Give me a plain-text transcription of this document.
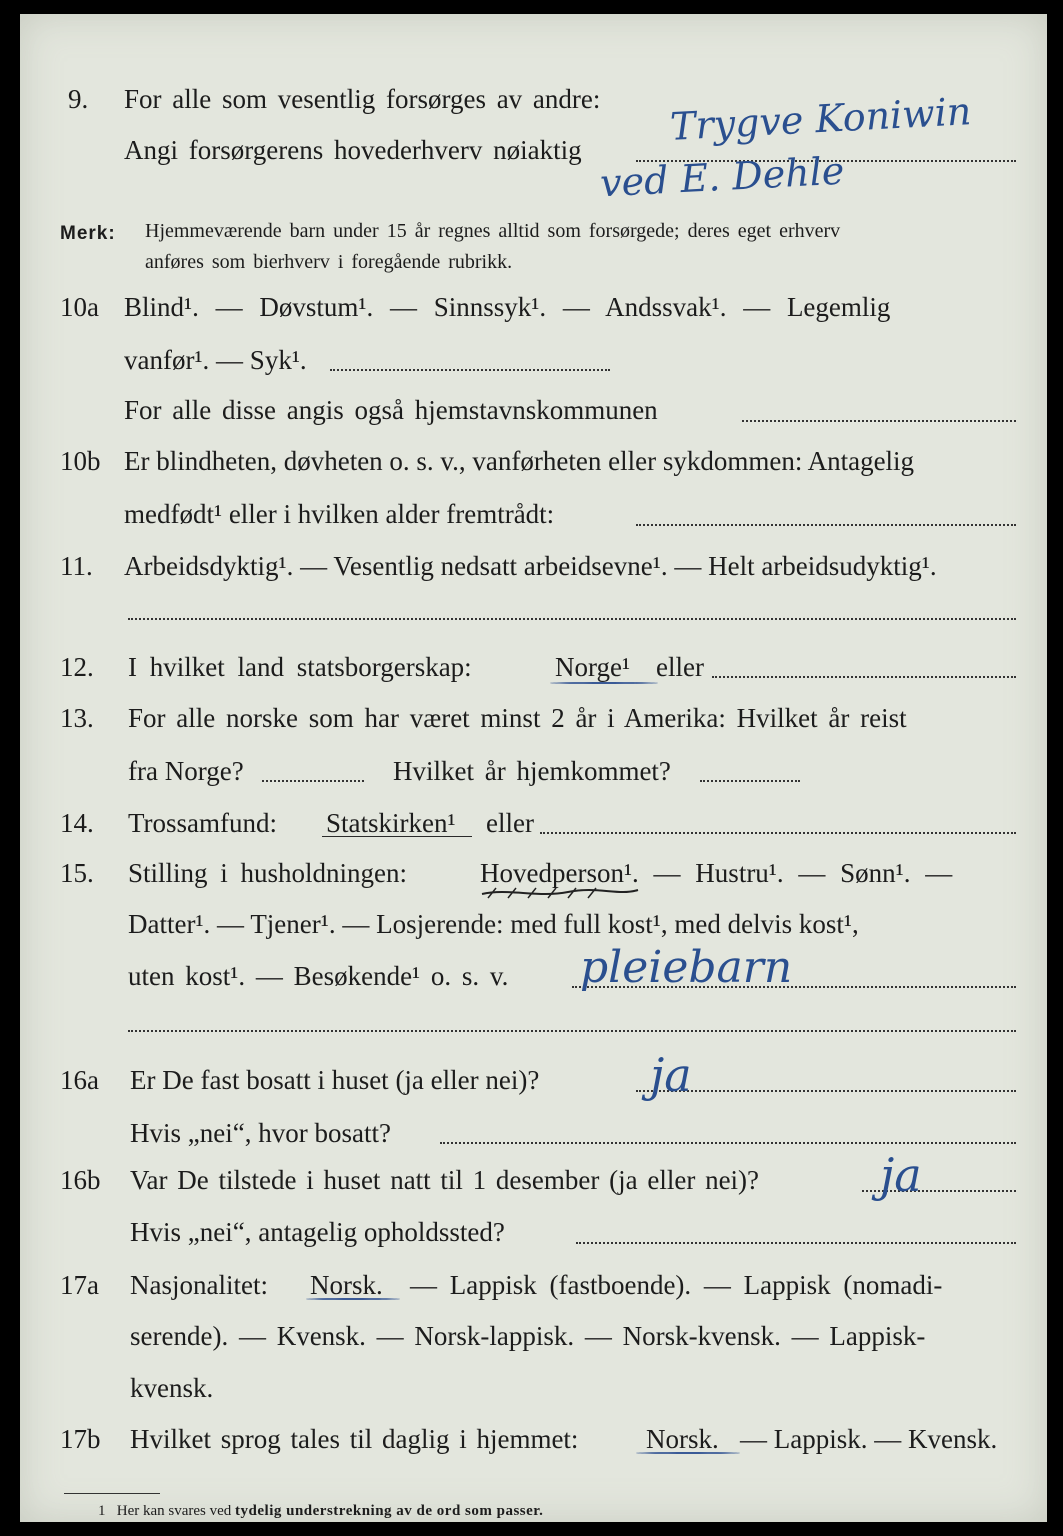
9. For alle som vesentlig forsørges av andre:
Angi forsørgerens hovederhverv nøiaktig
Trygve Koniwin
ved E. Dehle
Merk: Hjemmeværende barn under 15 år regnes alltid som forsørgede; deres eget erhverv
anføres som bierhverv i foregående rubrikk.
10a Blind¹. — Døvstum¹. — Sinnssyk¹. — Andssvak¹. — Legemlig
vanfør¹. — Syk¹.
For alle disse angis også hjemstavnskommunen
10b Er blindheten, døvheten o. s. v., vanførheten eller sykdommen: Antagelig
medfødt¹ eller i hvilken alder fremtrådt:
11. Arbeidsdyktig¹. — Vesentlig nedsatt arbeidsevne¹. — Helt arbeidsudyktig¹.
12. I hvilket land statsborgerskap:	Norge¹ eller
13. For alle norske som har været minst 2 år i Amerika: Hvilket år reist
fra Norge?	Hvilket år hjemkommet?
14. Trossamfund: Statskirken¹ eller
15. Stilling i husholdningen:	Hovedperson¹. — Hustru¹. — Sønn¹. —
Datter¹. — Tjener¹. — Losjerende: med full kost¹, med delvis kost¹,
uten kost¹. — Besøkende¹ o. s. v. pleiebarn
16a Er De fast bosatt i huset (ja eller nei)? ja
Hvis „nei“, hvor bosatt?
16b Var De tilstede i huset natt til 1 desember (ja eller nei)?	ja
Hvis „nei“, antagelig opholdssted?
17a Nasjonalitet: Norsk. — Lappisk (fastboende). — Lappisk (nomadi-
serende). — Kvensk. — Norsk-lappisk. — Norsk-kvensk. — Lappisk-
kvensk.
17b Hvilket sprog tales til daglig i hjemmet:	Norsk. — Lappisk. — Kvensk.
1 Her kan svares ved tydelig understrekning av de ord som passer.
